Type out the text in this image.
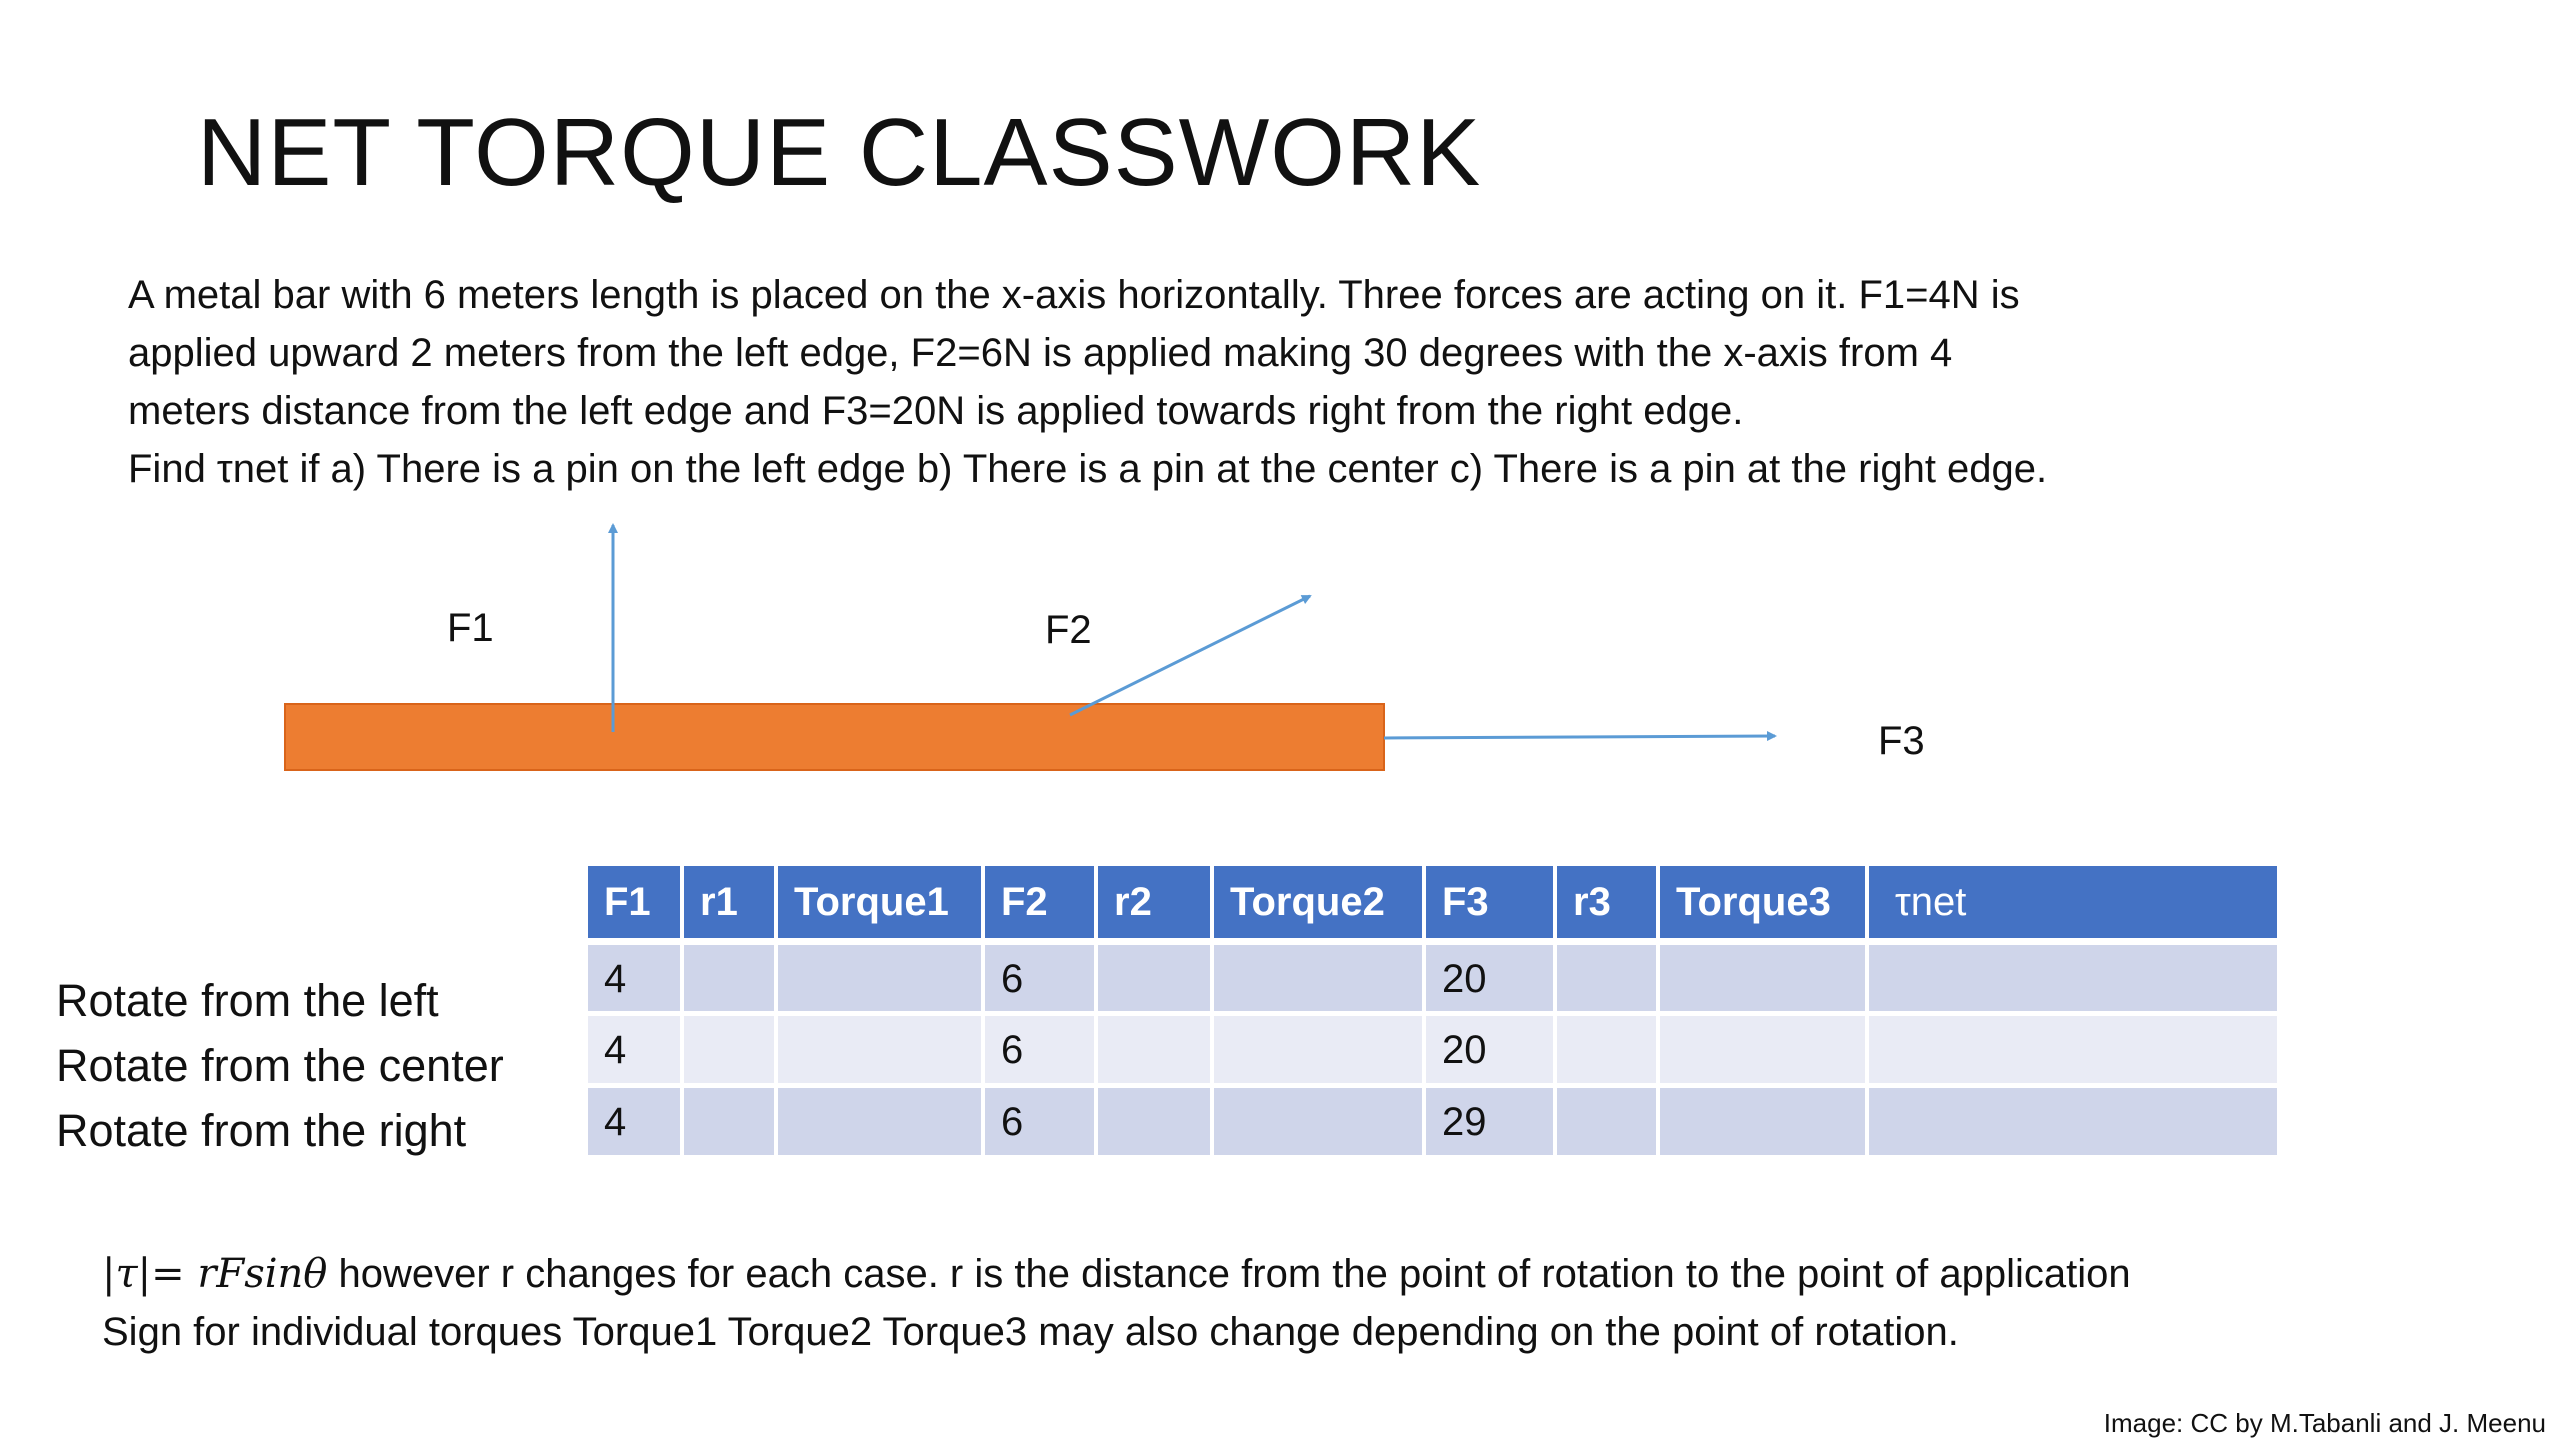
NET TORQUE CLASSWORK

A metal bar with 6 meters length is placed on the x-axis horizontally. Three forces are acting on it. F1=4N is

applied upward 2 meters from the left edge, F2=6N is applied making 30 degrees with the x-axis from 4

meters distance from the left edge and F3=20N is applied towards right from the right edge.

Find τnet if a) There is a pin on the left edge b) There is a pin at the center c) There is a pin at the right edge.

F1	F2
F3
Rotate from the left
Rotate from the center
Rotate from the right
F1	r1	Torque1	F2	r2	Torque2	F3	r3	Torque3	τnet
4			6			20			
4			6			20			
4			6			29			

|τ|= rFsinθ however r changes for each case. r is the distance from the point of rotation to the point of application

Sign for individual torques Torque1 Torque2 Torque3 may also change depending on the point of rotation.

Image: CC by M.Tabanli and J. Meenu
